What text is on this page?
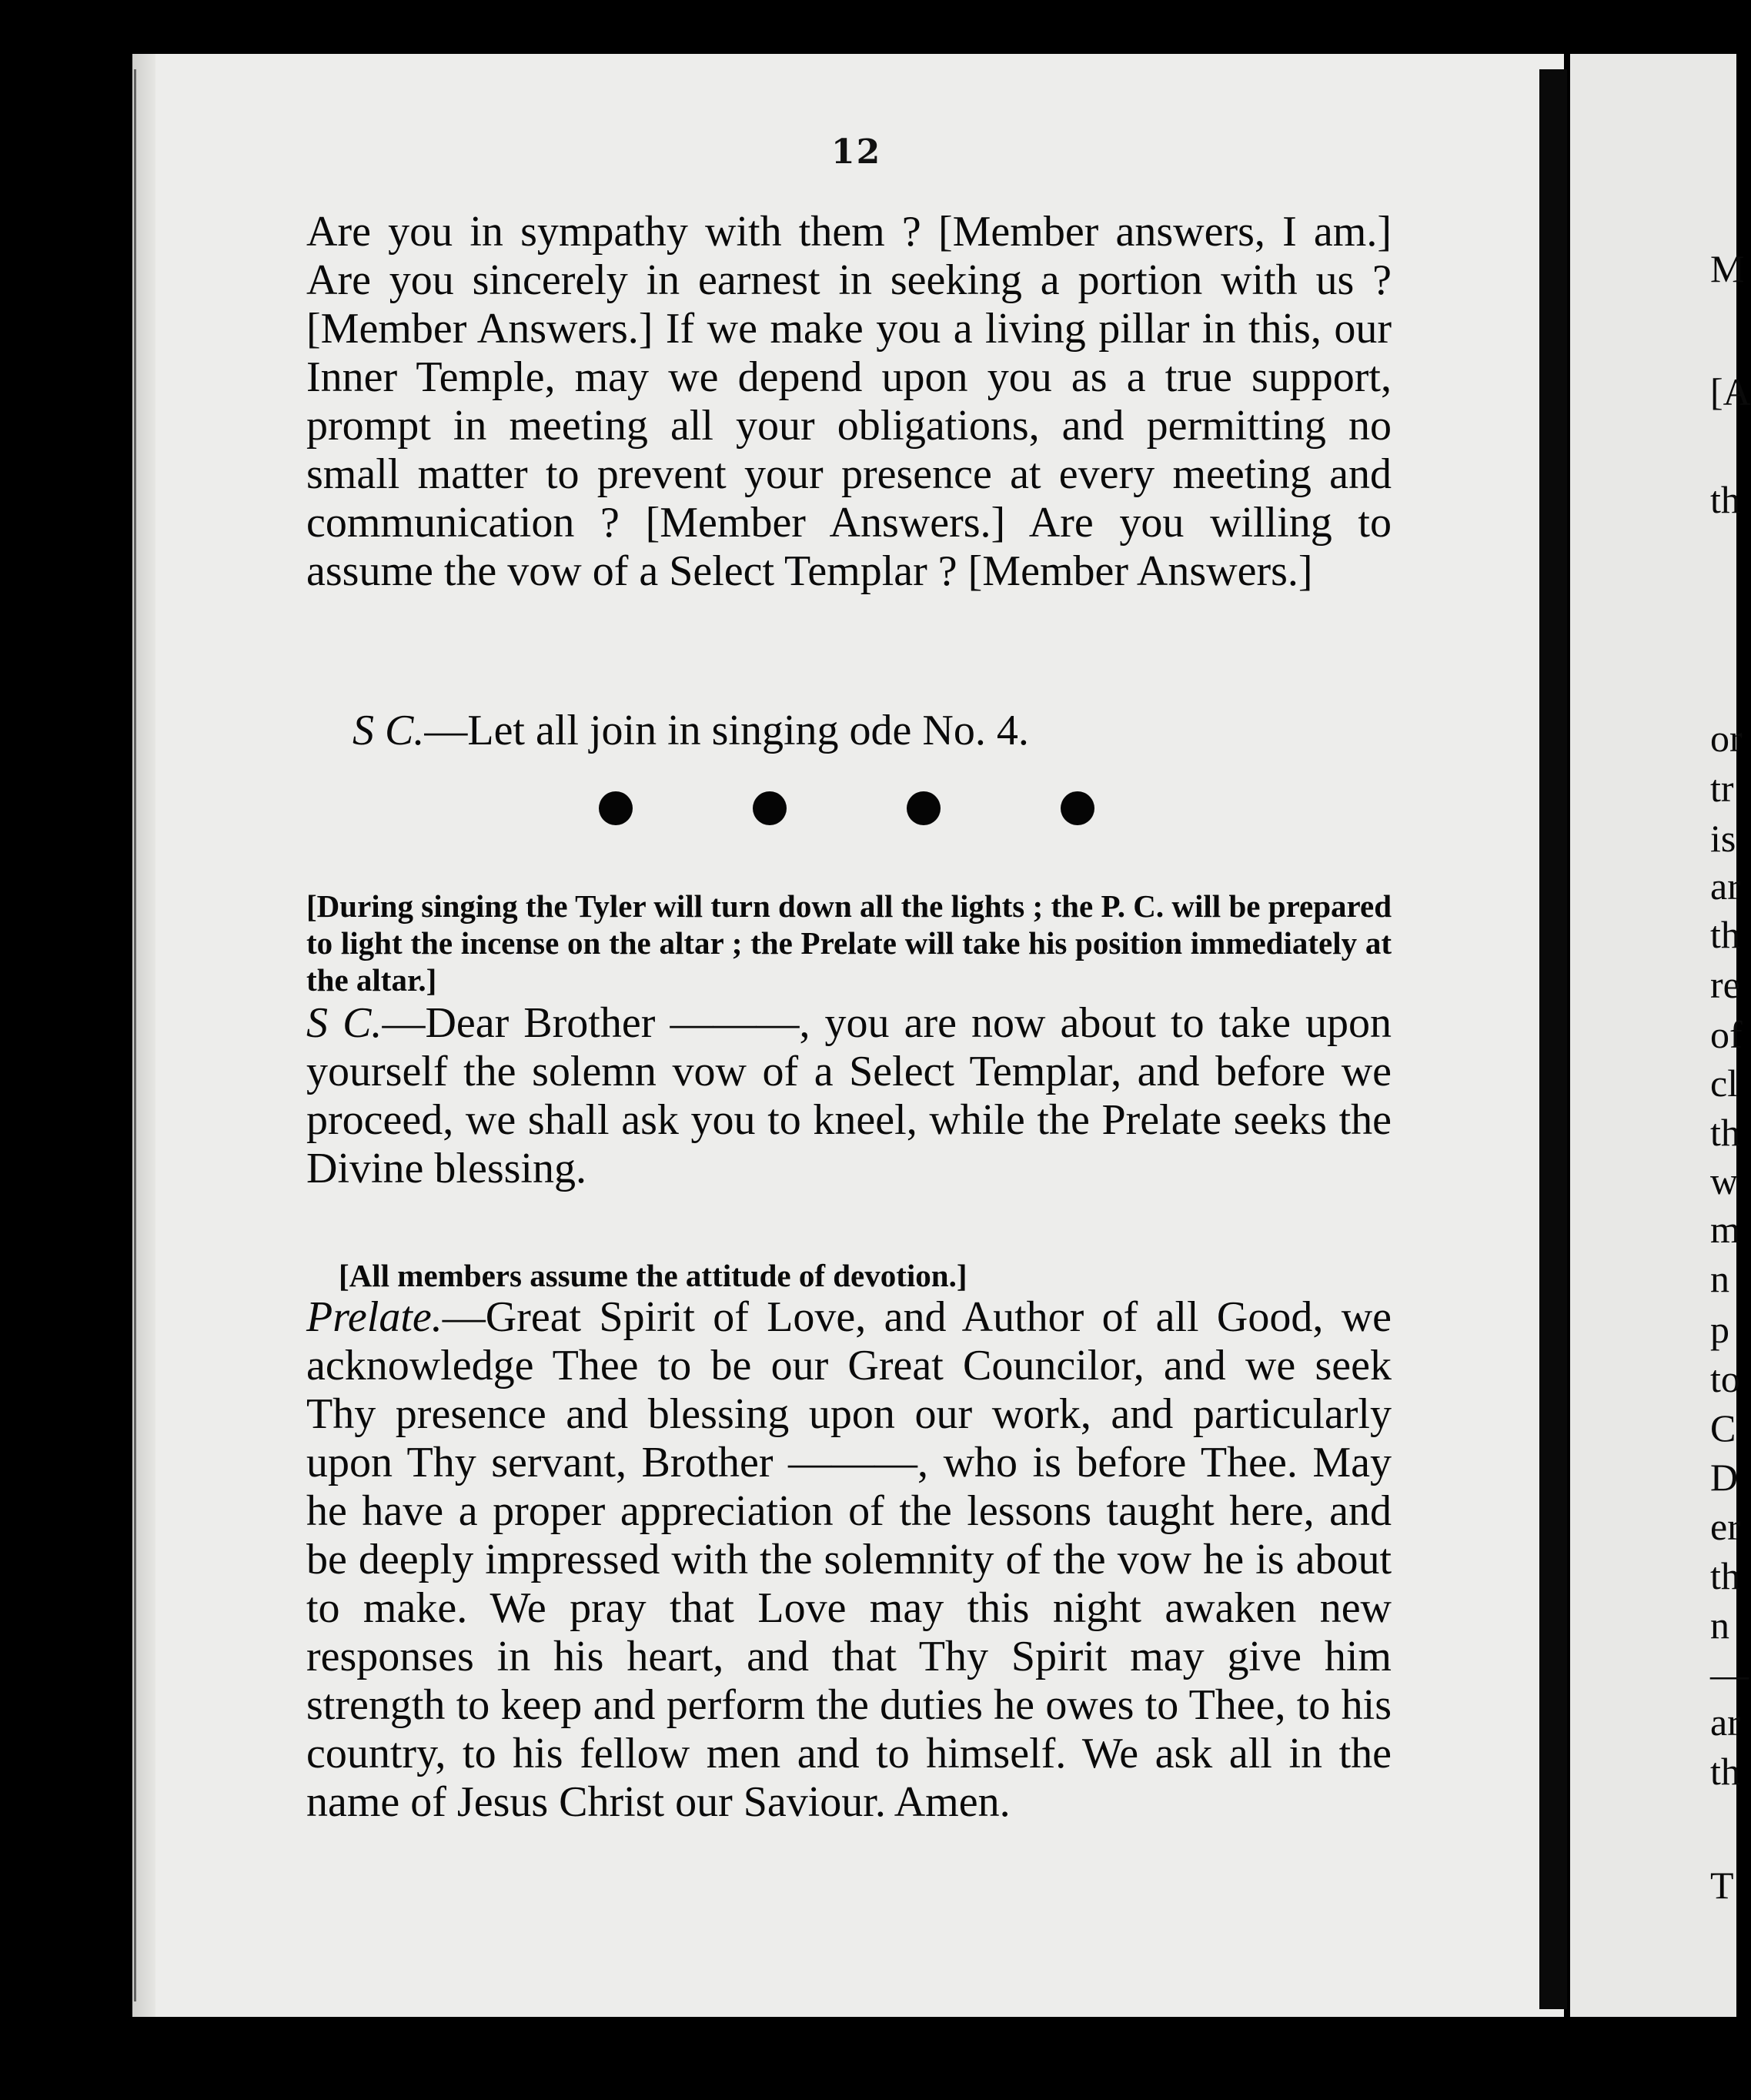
12

Are you in sympathy with them ? [Member answers, I am.] Are you sincerely in earnest in seeking a portion with us ? [Member Answers.] If we make you a living pillar in this, our Inner Temple, may we depend upon you as a true support, prompt in meeting all your obligations, and permitting no small matter to prevent your presence at every meeting and communication ? [Member Answers.] Are you willing to assume the vow of a Select Templar ? [Member Answers.]

S C.—Let all join in singing ode No. 4.

[During singing the Tyler will turn down all the lights ; the P. C. will be prepared to light the incense on the altar ; the Prelate will take his position immediately at the altar.]

S C.—Dear Brother ———, you are now about to take upon yourself the solemn vow of a Select Templar, and before we proceed, we shall ask you to kneel, while the Prelate seeks the Divine blessing.

[All members assume the attitude of devotion.]

Prelate.—Great Spirit of Love, and Author of all Good, we acknowledge Thee to be our Great Councilor, and we seek Thy presence and blessing upon our work, and particularly upon Thy servant, Brother ———, who is before Thee. May he have a proper appreciation of the lessons taught here, and be deeply impressed with the solemnity of the vow he is about to make. We pray that Love may this night awaken new responses in his heart, and that Thy Spirit may give him strength to keep and perform the duties he owes to Thee, to his country, to his fellow men and to himself. We ask all in the name of Jesus Christ our Saviour. Amen.

M
[A
th
or
tr
is
ar
th
re
of
cl
th
w
m
n
p
to
C
D
er
th
n
—
ar
th
T
